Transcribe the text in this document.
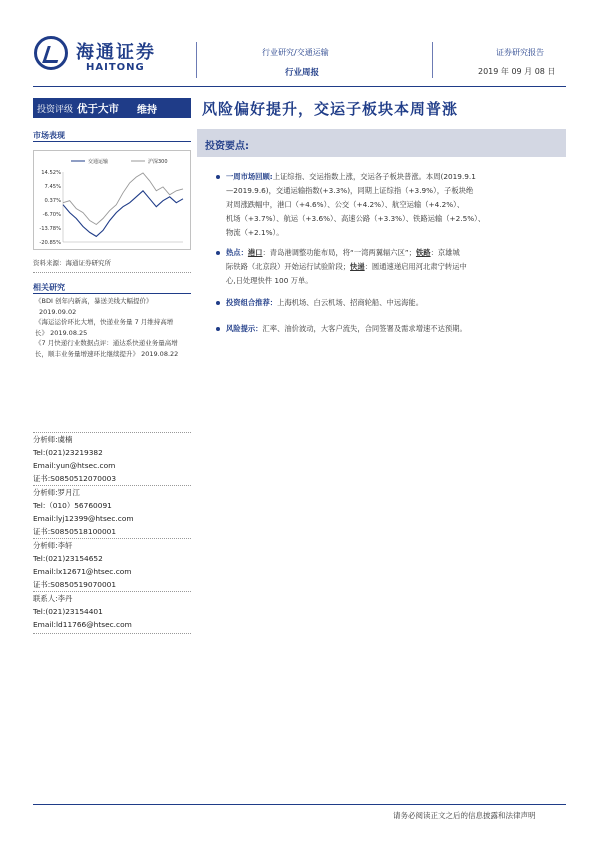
海通证券
HAITONG
行业研究/交通运输
行业周报
证券研究报告
2019 年 09 月 08 日
投资评级 优于大市 维持	风险偏好提升，交运子板块本周普涨
市场表现
交通运输	沪深300
14.52%
7.45%
0.37%
-6.70%
-13.78%
-20.85%
资料来源：海通证券研究所
相关研究
《BDI 创年内新高，暴送美线大幅提价》
2019.09.02
《海运运价环比大增，快递业务量 7 月维持高增长》 2019.08.25
《7 月快递行业数据点评：通达系快递业务量高增长，顺丰业务量增速环比继续提升》 2019.08.22
分析师:虞楠
Tel:(021)23219382
Email:yun@htsec.com
证书:S0850512070003
分析师:罗月江
Tel:（010）56760091
Email:lyj12399@htsec.com
证书:S0850518100001
分析师:李轩
Tel:(021)23154652
Email:lx12671@htsec.com
证书:S0850519070001
联系人:李丹
Tel:(021)23154401
Email:ld11766@htsec.com
投资要点:
一周市场回顾:上证综指、交运指数上涨，交运各子板块普涨。本周(2019.9.1
—2019.9.6)，交通运输指数(+3.3%)，同期上证综指（+3.9%），子板块绝
对周涨跌幅中，港口（+4.6%）、公交（+4.2%）、航空运输（+4.2%）、
机场（+3.7%）、航运（+3.6%）、高速公路（+3.3%）、铁路运输（+2.5%）、
物流（+2.1%）。
热点：港口：青岛港调整功能布局，将“一湾两翼辐六区”；铁路：京雄城
际铁路（北京段）开始运行试验阶段；快递：圆通速递启用河北肃宁转运中
心,日处理快件 100 万单。
投资组合推荐：上海机场、白云机场、招商轮船、中远海能。
风险提示：汇率、油价波动，大客户流失，合同签署及需求增速不达预期。
请务必阅读正文之后的信息披露和法律声明
